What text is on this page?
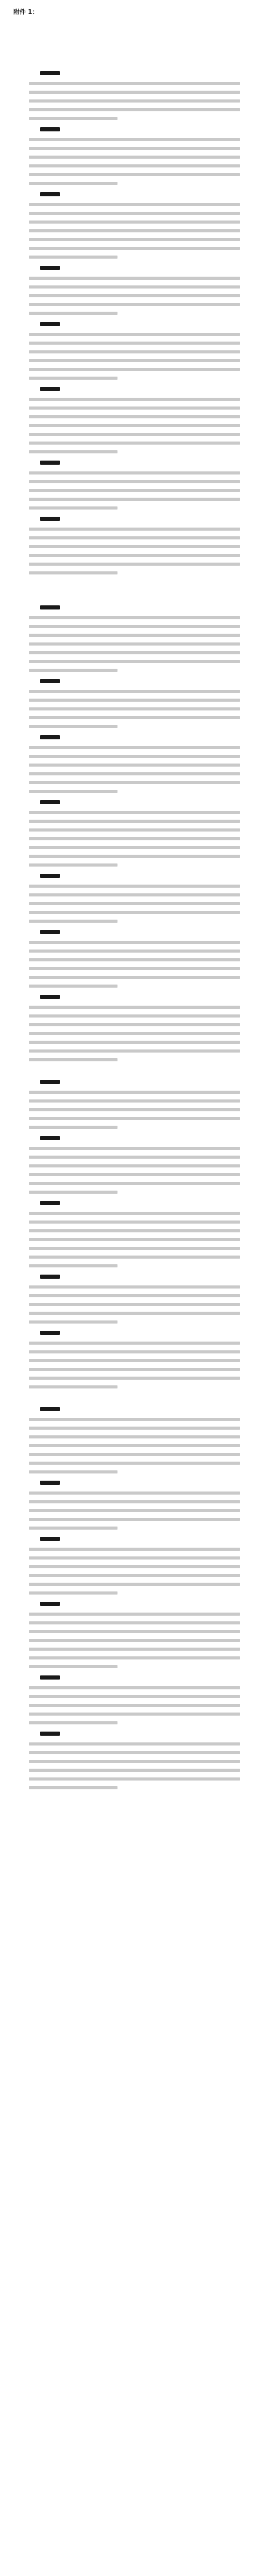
附件 1：
